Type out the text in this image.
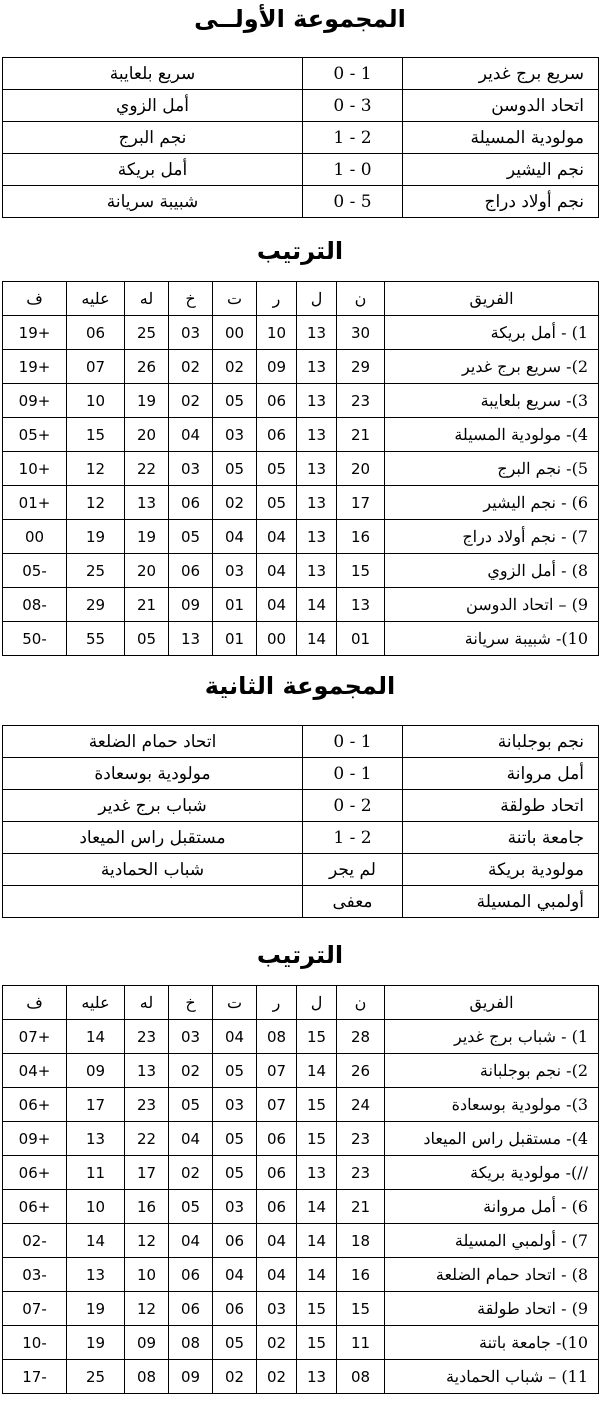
المجموعة الأولــى
سريع برج غدير	1 - 0	سريع بلعايبة
اتحاد الدوسن	3 - 0	أمل الزوي
مولودية المسيلة	2 - 1	نجم البرج
نجم اليشير	0 - 1	أمل بريكة
نجم أولاد دراج	5 - 0	شبيبة سريانة
الترتيب
الفريق	ن	ل	ر	ت	خ	له	عليه	ف
1) - أمل بريكة	30	13	10	00	03	25	06	+19
2)- سريع برج غدير	29	13	09	02	02	26	07	+19
3)- سريع بلعايبة	23	13	06	05	02	19	10	+09
4)- مولودية المسيلة	21	13	06	03	04	20	15	+05
5)- نجم البرج	20	13	05	05	03	22	12	+10
6) - نجم اليشير	17	13	05	02	06	13	12	+01
7) - نجم أولاد دراج	16	13	04	04	05	19	19	00
8) - أمل الزوي	15	13	04	03	06	20	25	-05
9) – اتحاد الدوسن	13	14	04	01	09	21	29	-08
10)- شبيبة سريانة	01	14	00	01	13	05	55	-50
المجموعة الثانية
نجم بوجلبانة	1 - 0	اتحاد حمام الضلعة
أمل مروانة	1 - 0	مولودية بوسعادة
اتحاد طولقة	2 - 0	شباب برج غدير
جامعة باتنة	2 - 1	مستقبل راس الميعاد
مولودية بريكة	لم يجر	شباب الحمادية
أولمبي المسيلة	معفى	
الترتيب
الفريق	ن	ل	ر	ت	خ	له	عليه	ف
1) - شباب برج غدير	28	15	08	04	03	23	14	+07
2)- نجم بوجلبانة	26	14	07	05	02	13	09	+04
3)- مولودية بوسعادة	24	15	07	03	05	23	17	+06
4)- مستقبل راس الميعاد	23	15	06	05	04	22	13	+09
//)- مولودية بريكة	23	13	06	05	02	17	11	+06
6) - أمل مروانة	21	14	06	03	05	16	10	+06
7) - أولمبي المسيلة	18	14	04	06	04	12	14	-02
8) - اتحاد حمام الضلعة	16	14	04	04	06	10	13	-03
9) - اتحاد طولقة	15	15	03	06	06	12	19	-07
10)- جامعة باتنة	11	15	02	05	08	09	19	-10
11) – شباب الحمادية	08	13	02	02	09	08	25	-17
